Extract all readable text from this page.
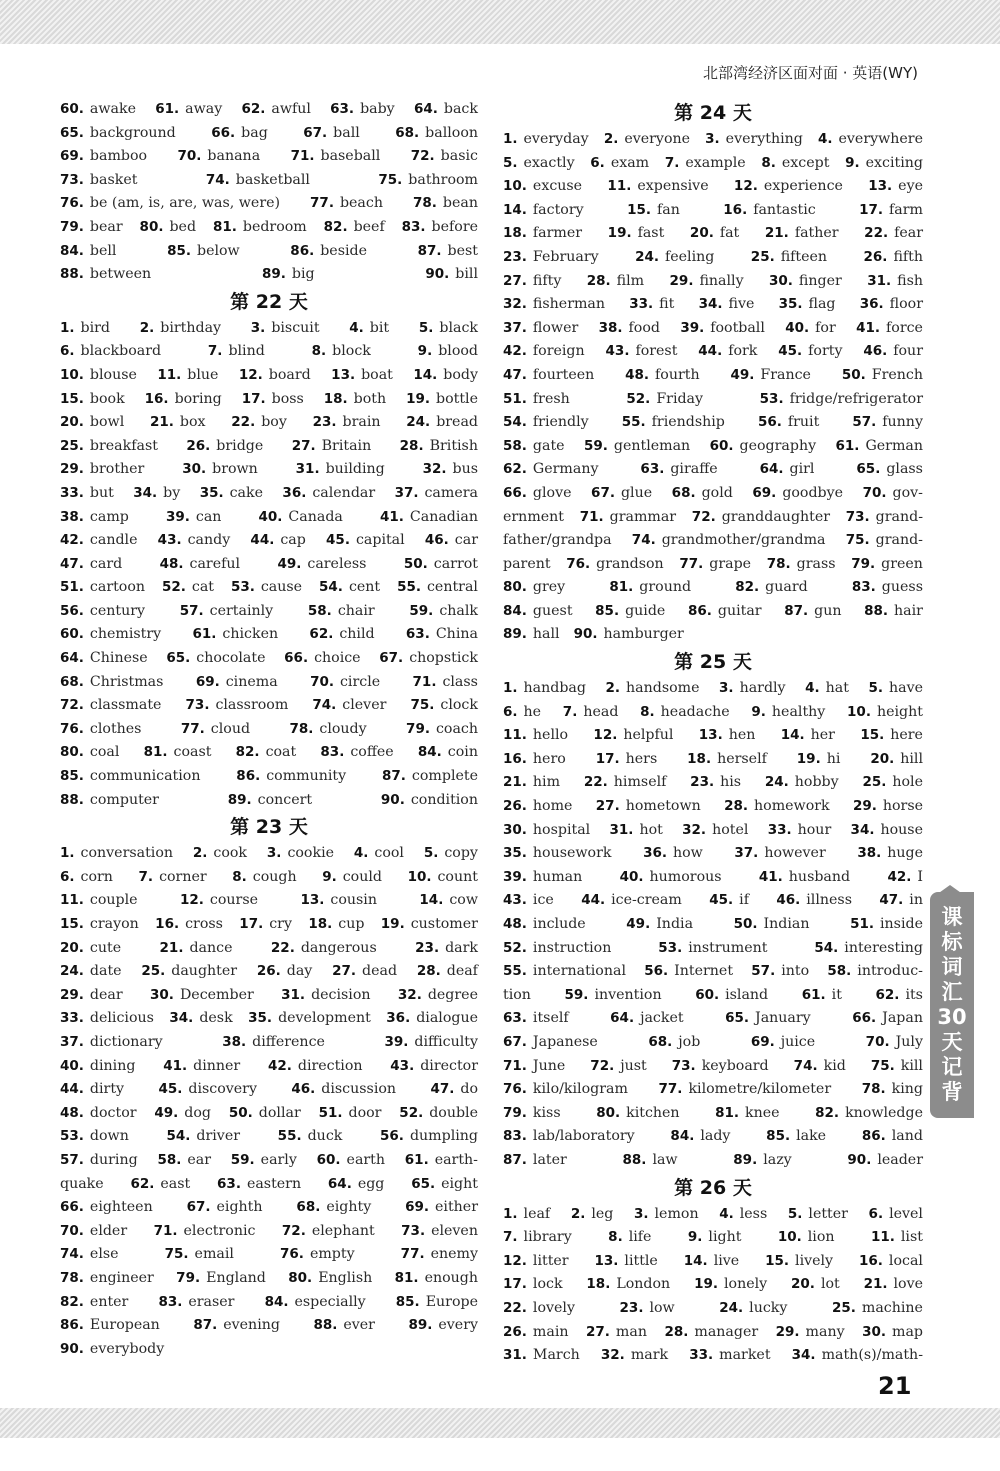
北部湾经济区面对面 · 英语(WY)
60. awake 61. away 62. awful 63. baby 64. back
65. background	66. bag	67. ball	68. balloon
69. bamboo 70. banana 71. baseball 72. basic
73. basket	74. basketball	75. bathroom
76. be (am, is, are, was, were) 77. beach 78. bean
79. bear 80. bed 81. bedroom 82. beef 83. before
84. bell	85. below	86. beside	87. best
88. between	89. big	90. bill
第 22 天
1. bird 2. birthday 3. biscuit 4. bit 5. black
6. blackboard	7. blind	8. block	9. blood
10. blouse 11. blue 12. board 13. boat 14. body
15. book 16. boring 17. boss 18. both 19. bottle
20. bowl 21. box 22. boy 23. brain 24. bread
25. breakfast 26. bridge 27. Britain 28. British
29. brother	30. brown	31. building	32. bus
33. but 34. by 35. cake 36. calendar 37. camera
38. camp	39. can	40. Canada	41. Canadian
42. candle 43. candy 44. cap 45. capital 46. car
47. card	48. careful	49. careless	50. carrot
51. cartoon 52. cat 53. cause 54. cent 55. central
56. century	57. certainly	58. chair	59. chalk
60. chemistry 61. chicken 62. child 63. China
64. Chinese 65. chocolate 66. choice 67. chopstick
68. Christmas 69. cinema 70. circle 71. class
72. classmate 73. classroom 74. clever 75. clock
76. clothes	77. cloud	78. cloudy	79. coach
80. coal 81. coast 82. coat 83. coffee 84. coin
85. communication	86. community	87. complete
88. computer	89. concert	90. condition
第 23 天
1. conversation 2. cook 3. cookie 4. cool 5. copy
6. corn 7. corner 8. cough 9. could 10. count
11. couple	12. course	13. cousin	14. cow
15. crayon 16. cross 17. cry 18. cup 19. customer
20. cute	21. dance	22. dangerous	23. dark
24. date 25. daughter 26. day 27. dead 28. deaf
29. dear 30. December 31. decision 32. degree
33. delicious 34. desk 35. development 36. dialogue
37. dictionary	38. difference	39. difficulty
40. dining 41. dinner 42. direction 43. director
44. dirty	45. discovery	46. discussion	47. do
48. doctor 49. dog 50. dollar 51. door 52. double
53. down	54. driver	55. duck	56. dumpling
57. during 58. ear 59. early 60. earth 61. earth-
quake 62. east 63. eastern 64. egg 65. eight
66. eighteen	67. eighth	68. eighty	69. either
70. elder 71. electronic 72. elephant 73. eleven
74. else	75. email	76. empty	77. enemy
78. engineer 79. England 80. English 81. enough
82. enter 83. eraser 84. especially 85. Europe
86. European 87. evening 88. ever 89. every
90. everybody
第 24 天
1. everyday 2. everyone 3. everything 4. everywhere
5. exactly 6. exam 7. example 8. except 9. exciting
10. excuse 11. expensive 12. experience 13. eye
14. factory	15. fan	16. fantastic	17. farm
18. farmer 19. fast 20. fat 21. father 22. fear
23. February	24. feeling	25. fifteen	26. fifth
27. fifty 28. film 29. finally 30. finger 31. fish
32. fisherman 33. fit 34. five 35. flag 36. floor
37. flower 38. food 39. football 40. for 41. force
42. foreign 43. forest 44. fork 45. forty 46. four
47. fourteen 48. fourth 49. France 50. French
51. fresh	52. Friday	53. fridge/refrigerator
54. friendly 55. friendship 56. fruit 57. funny
58. gate 59. gentleman 60. geography 61. German
62. Germany	63. giraffe	64. girl	65. glass
66. glove 67. glue 68. gold 69. goodbye 70. gov-
ernment 71. grammar 72. granddaughter 73. grand-
father/grandpa 74. grandmother/grandma 75. grand-
parent 76. grandson 77. grape 78. grass 79. green
80. grey	81. ground	82. guard	83. guess
84. guest 85. guide 86. guitar 87. gun 88. hair
89. hall 90. hamburger
第 25 天
1. handbag 2. handsome 3. hardly 4. hat 5. have
6. he 7. head 8. headache 9. healthy 10. height
11. hello 12. helpful 13. hen 14. her 15. here
16. hero 17. hers 18. herself 19. hi 20. hill
21. him 22. himself 23. his 24. hobby 25. hole
26. home 27. hometown 28. homework 29. horse
30. hospital 31. hot 32. hotel 33. hour 34. house
35. housework 36. how 37. however 38. huge
39. human	40. humorous	41. husband	42. I
43. ice 44. ice-cream 45. if 46. illness 47. in
48. include	49. India	50. Indian	51. inside
52. instruction	53. instrument	54. interesting
55. international 56. Internet 57. into 58. introduc-
tion 59. invention 60. island 61. it 62. its
63. itself	64. jacket	65. January	66. Japan
67. Japanese	68. job	69. juice	70. July
71. June 72. just 73. keyboard 74. kid 75. kill
76. kilo/kilogram 77. kilometre/kilometer 78. king
79. kiss	80. kitchen	81. knee	82. knowledge
83. lab/laboratory	84. lady	85. lake	86. land
87. later	88. law	89. lazy	90. leader
第 26 天
1. leaf 2. leg 3. lemon 4. less 5. letter 6. level
7. library	8. life	9. light	10. lion	11. list
12. litter 13. little 14. live 15. lively 16. local
17. lock 18. London 19. lonely 20. lot 21. love
22. lovely	23. low	24. lucky	25. machine
26. main 27. man 28. manager 29. many 30. map
31. March 32. mark 33. market 34. math(s)/math-
课
标
词
汇
30
天
记
背
21
